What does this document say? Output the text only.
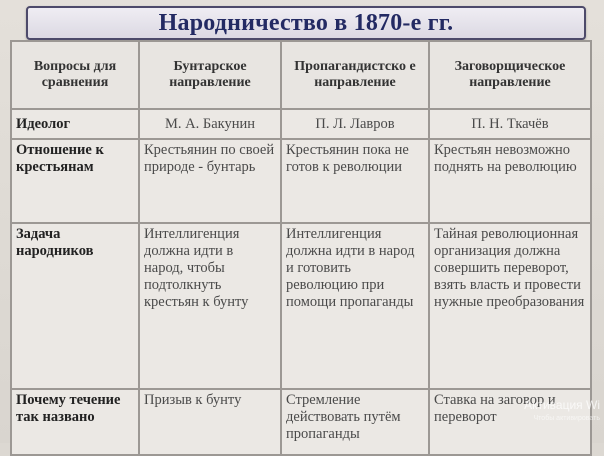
Народничество в 1870-е гг.
Вопросы для сравнения	Бунтарское направление	Пропагандистско е направление	Заговорщическое направление
Идеолог	М. А. Бакунин	П. Л. Лавров	П. Н. Ткачёв
Отношение к крестьянам	Крестьянин по своей природе - бунтарь	Крестьянин пока не готов к революции	Крестьян невозможно поднять на революцию
Задача народников	Интеллигенция должна идти в народ, чтобы подтолкнуть крестьян к бунту	Интеллигенция должна идти в народ и готовить революцию при помощи пропаганды	Тайная революционная организация должна совершить переворот, взять власть и провести нужные преобразования
Почему течение так названо	Призыв к бунту	Стремление действовать путём пропаганды	Ставка на заговор и переворот
Активация Wi
Чтобы активировать
